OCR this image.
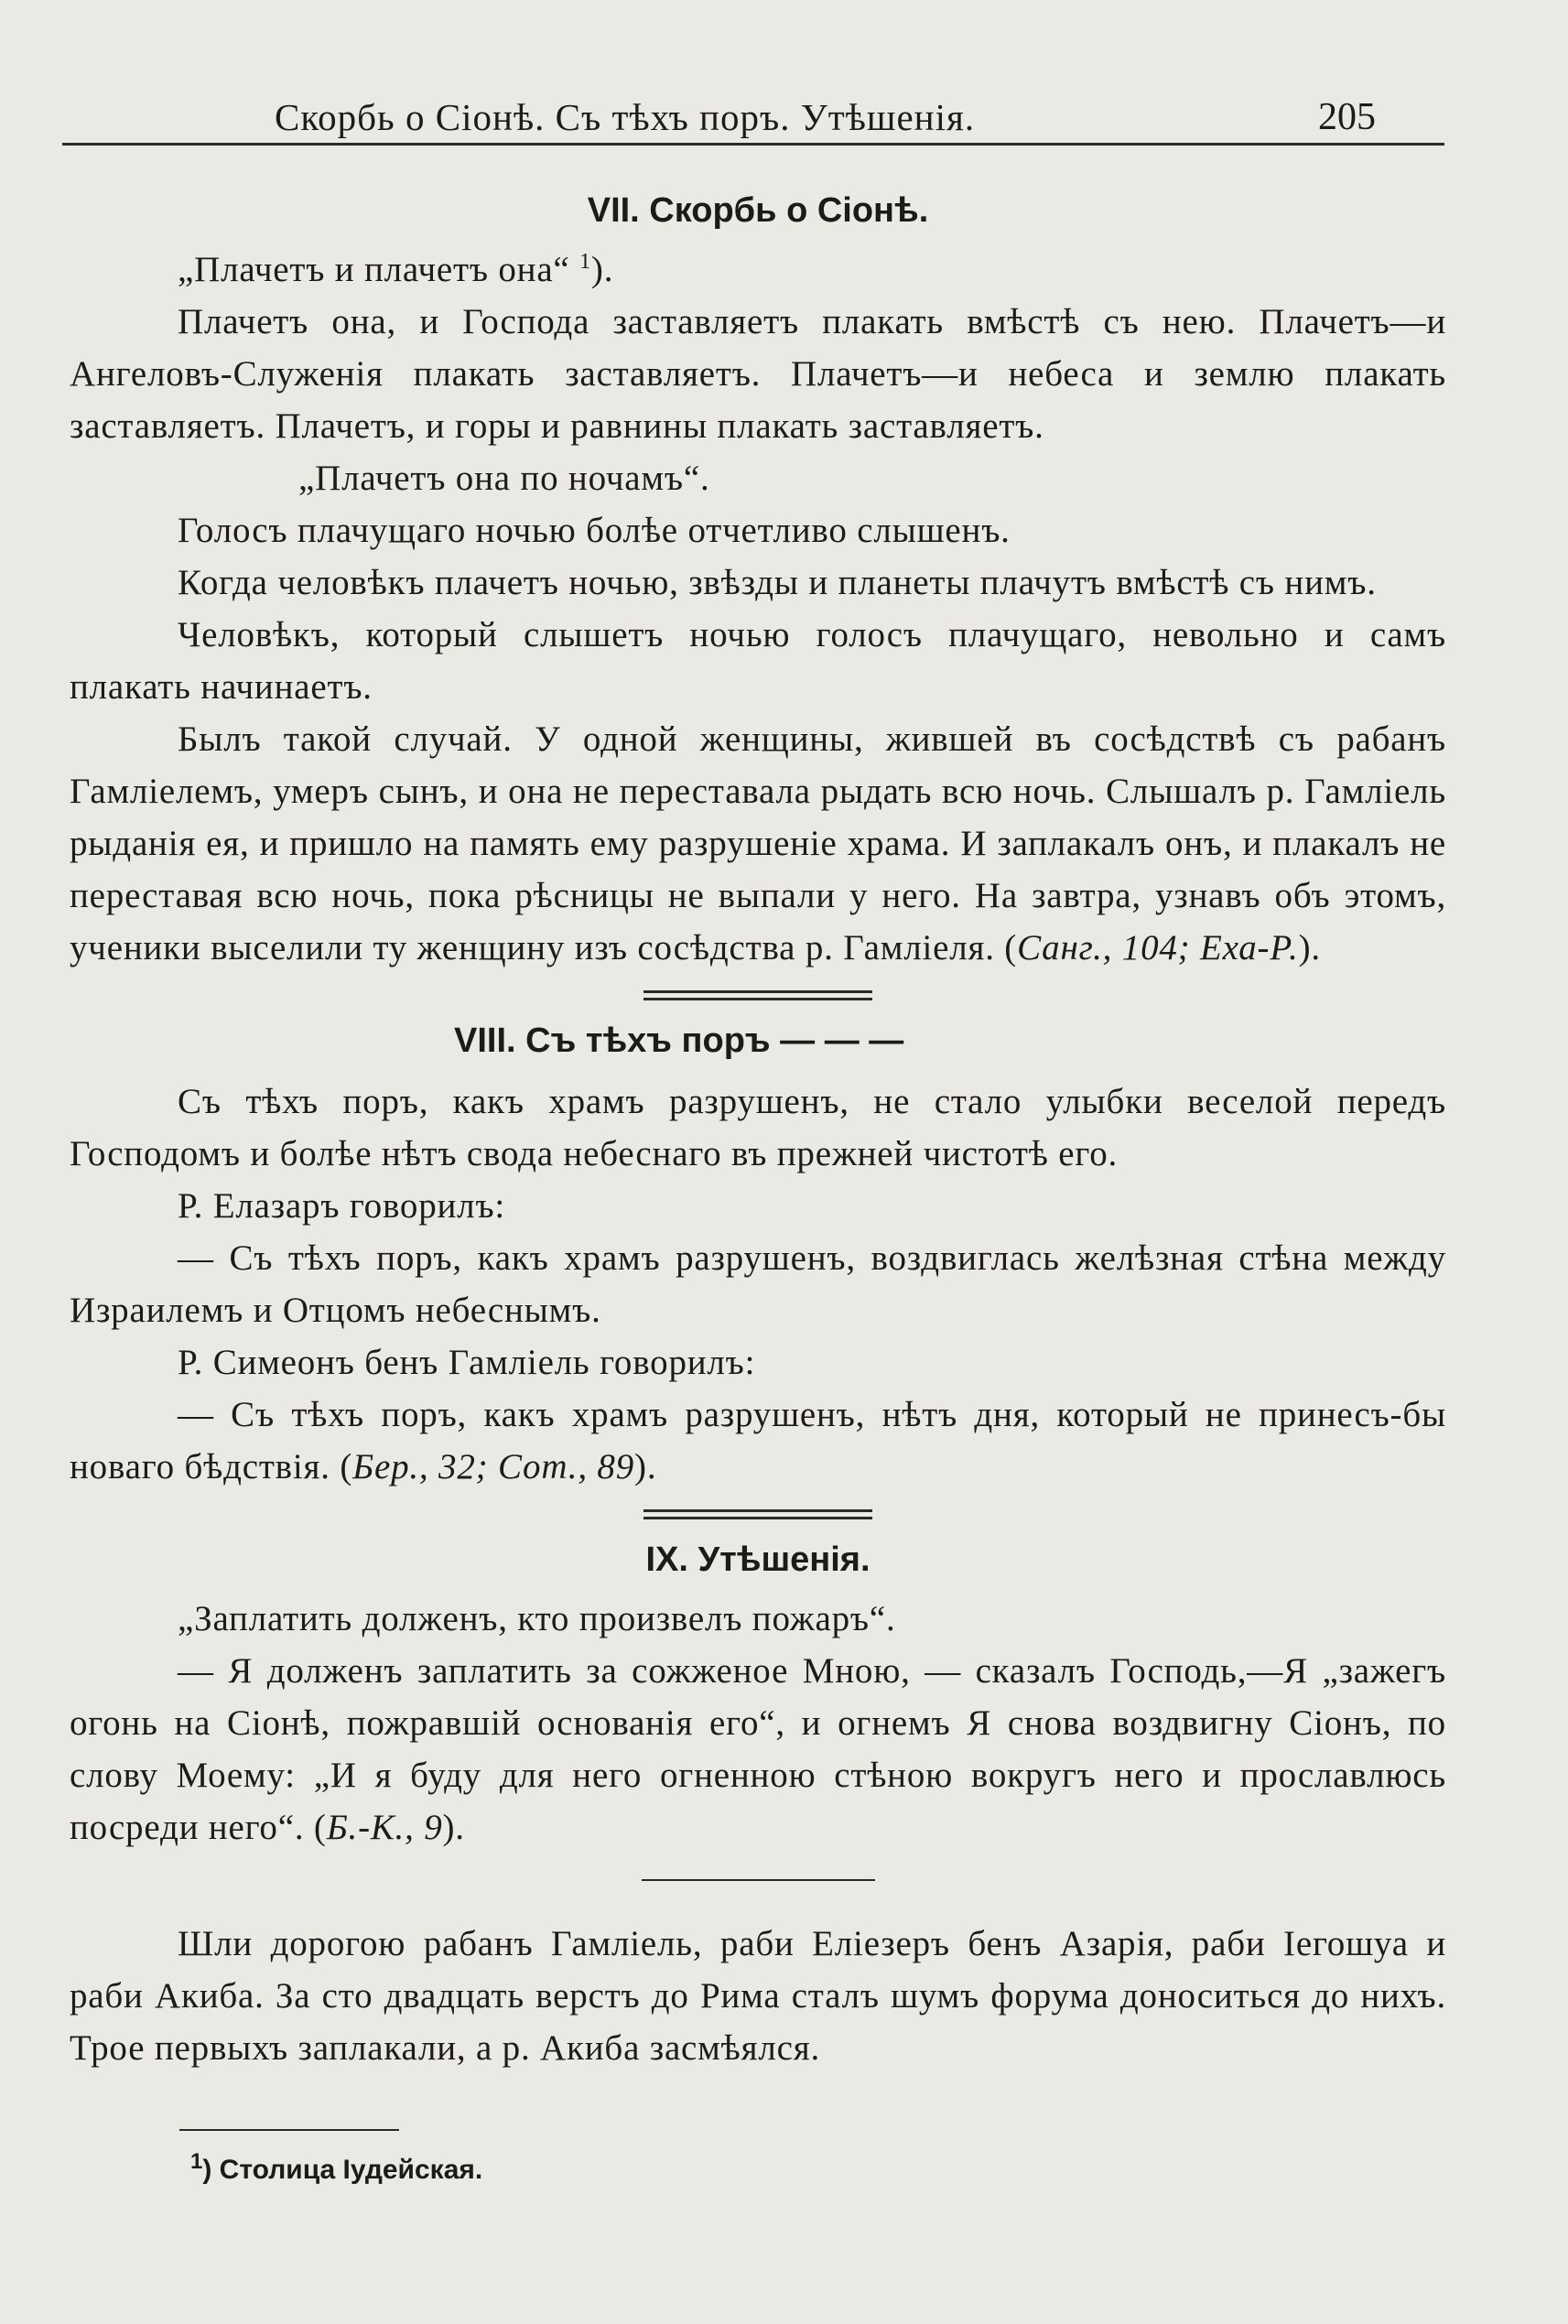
Скорбь о Сіонѣ. Съ тѣхъ поръ. Утѣшенія.	205
VII. Скорбь о Сіонѣ.

„Плачетъ и плачетъ она“ $^1$).

Плачетъ она, и Господа заставляетъ плакать вмѣстѣ съ нею. Плачетъ—и Ангеловъ-Служенія плакать заставляетъ. Плачетъ—и небеса и землю плакать заставляетъ. Плачетъ, и горы и равнины плакать заставляетъ.

„Плачетъ она по ночамъ“.

Голосъ плачущаго ночью болѣе отчетливо слышенъ.

Когда человѣкъ плачетъ ночью, звѣзды и планеты плачутъ вмѣстѣ съ нимъ.

Человѣкъ, который слышетъ ночью голосъ плачущаго, невольно и самъ плакать начинаетъ.

Былъ такой случай. У одной женщины, жившей въ сосѣдствѣ съ рабанъ Гамліелемъ, умеръ сынъ, и она не переставала рыдать всю ночь. Слышалъ р. Гамліель рыданія ея, и пришло на память ему разрушеніе храма. И заплакалъ онъ, и плакалъ не переставая всю ночь, пока рѣсницы не выпали у него. На завтра, узнавъ объ этомъ, ученики выселили ту женщину изъ сосѣдства р. Гамліеля. (Санг., 104; Еха-Р.).

VIII. Съ тѣхъ поръ — — —

Съ тѣхъ поръ, какъ храмъ разрушенъ, не стало улыбки веселой передъ Господомъ и болѣе нѣтъ свода небеснаго въ прежней чистотѣ его.

Р. Елазаръ говорилъ:

— Съ тѣхъ поръ, какъ храмъ разрушенъ, воздвиглась желѣзная стѣна между Израилемъ и Отцомъ небеснымъ.

Р. Симеонъ бенъ Гамліель говорилъ:

— Съ тѣхъ поръ, какъ храмъ разрушенъ, нѣтъ дня, который не принесъ-бы новаго бѣдствія. (Бер., 32; Сот., 89).

IX. Утѣшенія.

„Заплатить долженъ, кто произвелъ пожаръ“.

— Я долженъ заплатить за сожженое Мною, — сказалъ Господь,—Я „зажегъ огонь на Сіонѣ, пожравшій основанія его“, и огнемъ Я снова воздвигну Сіонъ, по слову Моему: „И я буду для него огненною стѣною вокругъ него и прославлюсь посреди него“. (Б.-К., 9).

Шли дорогою рабанъ Гамліель, раби Еліезеръ бенъ Азарія, раби Іегошуа и раби Акиба. За сто двадцать верстъ до Рима сталъ шумъ форума доноситься до нихъ. Трое первыхъ заплакали, а р. Акиба засмѣялся.

$^1$) Столица Іудейская.
